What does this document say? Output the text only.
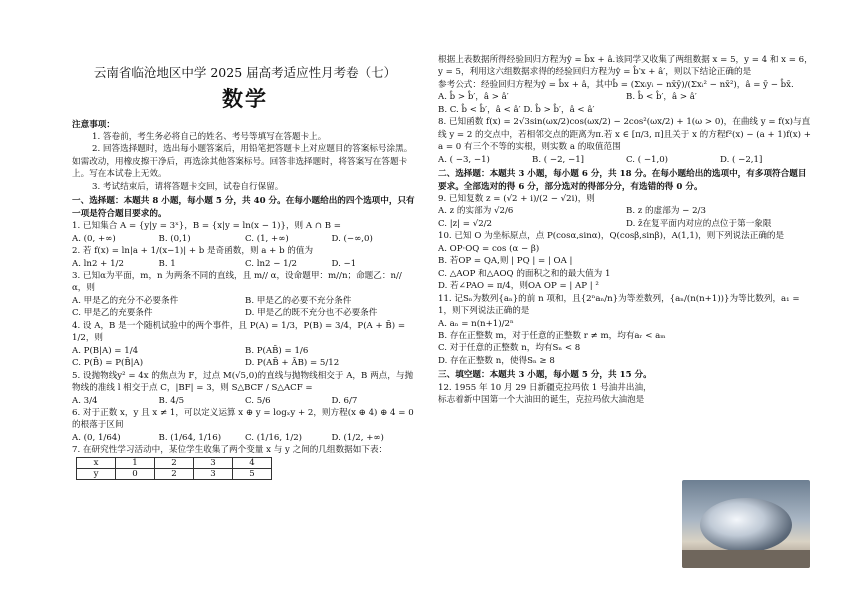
云南省临沧地区中学 2025 届高考适应性月考卷（七）
数学

注意事项：

1. 答卷前，考生务必将自己的姓名、考号等填写在答题卡上。

2. 回答选择题时，选出每小题答案后，用铅笔把答题卡上对应题目的答案标号涂黑。如需改动，用橡皮擦干净后，再选涂其他答案标号。回答非选择题时，将答案写在答题卡上。写在本试卷上无效。

3. 考试结束后，请将答题卡交回，试卷自行保留。

一、选择题：本题共 8 小题，每小题 5 分，共 40 分。在每小题给出的四个选项中，只有一项是符合题目要求的。

1. 已知集合 A = {y|y = 3ˣ}，B = {x|y = ln(x − 1)}，则 A ∩ B =

A. (0, +∞)	B. (0,1)	C. (1, +∞)	D. (−∞,0)

2. 若 f(x) = ln|a + 1/(x−1)| + b 是奇函数，则 a + b 的值为

A. ln2 + 1/2	B. 1	C. ln2 − 1/2	D. −1

3. 已知α为平面，m，n 为两条不同的直线，且 m// α，设命题甲：m//n；命题乙：n// α，则

A. 甲是乙的充分不必要条件	B. 甲是乙的必要不充分条件
C. 甲是乙的充要条件	D. 甲是乙的既不充分也不必要条件

4. 设 A，B 是一个随机试验中的两个事件，且 P(A) = 1/3，P(B) = 3/4，P(A + B̄) = 1/2，则

A. P(B|A) = 1/4	B. P(AB̄) = 1/6
C. P(B̄) = P(B̄|A)	D. P(AB̄ + ĀB) = 5/12

5. 设抛物线y² = 4x 的焦点为 F，过点 M(√5,0)的直线与抛物线相交于 A，B 两点，与抛物线的准线 l 相交于点 C，|BF| = 3，则 S△BCF / S△ACF =

A. 3/4	B. 4/5	C. 5/6	D. 6/7

6. 对于正数 x，y 且 x ≠ 1，可以定义运算 x ⊕ y = logₓy + 2，则方程(x ⊕ 4) ⊕ 4 = 0 的根落于区间

A. (0, 1/64)	B. (1/64, 1/16)	C. (1/16, 1/2)	D. (1/2, +∞)

7. 在研究性学习活动中，某位学生收集了两个变量 x 与 y 之间的几组数据如下表：

x	1	2	3	4
y	0	2	3	5

根据上表数据所得经验回归方程为ŷ = b̂x + â.该同学又收集了两组数据 x = 5，y = 4 和 x = 6，y = 5，利用这六组数据求得的经验回归方程为ŷ = b̂′x + â′，则以下结论正确的是

参考公式：经验回归方程为ŷ = b̂x + â，其中b̂ = (Σxᵢyᵢ − nx̄ȳ)/(Σxᵢ² − nx̄²)，â = ȳ − b̂x̄.

A. b̂ > b̂′，â > â′	B. b̂ < b̂′，â > â′

B. C. b̂ < b̂′，â < â′ D. b̂ > b̂′，â < â′

8. 已知函数 f(x) = 2√3sin(ωx/2)cos(ωx/2) − 2cos²(ωx/2) + 1(ω > 0)，在曲线 y = f(x)与直线 y = 2 的交点中，若相邻交点的距离为π.若 x ∈ [π/3, π]且关于 x 的方程f²(x) − (a + 1)f(x) + a = 0 有三个不等的实根，则实数 a 的取值范围

A. ( −3, −1)	B. ( −2, −1]	C. ( −1,0)	D. ( −2,1]

二、选择题：本题共 3 小题，每小题 6 分，共 18 分。在每小题给出的选项中，有多项符合题目要求。全部选对的得 6 分，部分选对的得部分分，有选错的得 0 分。

9. 已知复数 z = (√2 + i)/(2 − √2i)，则

A. z 的实部为 √2/6	B. z 的虚部为 − 2/3
C. |z| = √2/2	D. z̄在复平面内对应的点位于第一象限

10. 已知 O 为坐标原点，点 P(cosα,sinα)，Q(cosβ,sinβ)，A(1,1)，则下列说法正确的是

A. OP·OQ = cos (α − β)

B. 若OP = QA,则 | PQ | = | OA |

C. △AOP 和△AOQ 的面积之和的最大值为 1

D. 若∠PAO = π/4，则OA OP = | AP | ²

11. 记Sₙ为数列{aₙ}的前 n 项和，且{2ⁿaₙ/n}为等差数列，{aₙ/(n(n+1))}为等比数列，a₁ = 1，则下列说法正确的是

A. aₙ = n(n+1)/2ⁿ

B. 存在正整数 m，对于任意的正整数 r ≠ m，均有aᵣ < aₘ

C. 对于任意的正整数 n，均有Sₙ < 8

D. 存在正整数 n，使得Sₙ ≥ 8

三、填空题：本题共 3 小题，每小题 5 分，共 15 分。

12. 1955 年 10 月 29 日新疆克拉玛依 1 号油井出油，

标志着新中国第一个大油田的诞生，克拉玛依大油泡是
